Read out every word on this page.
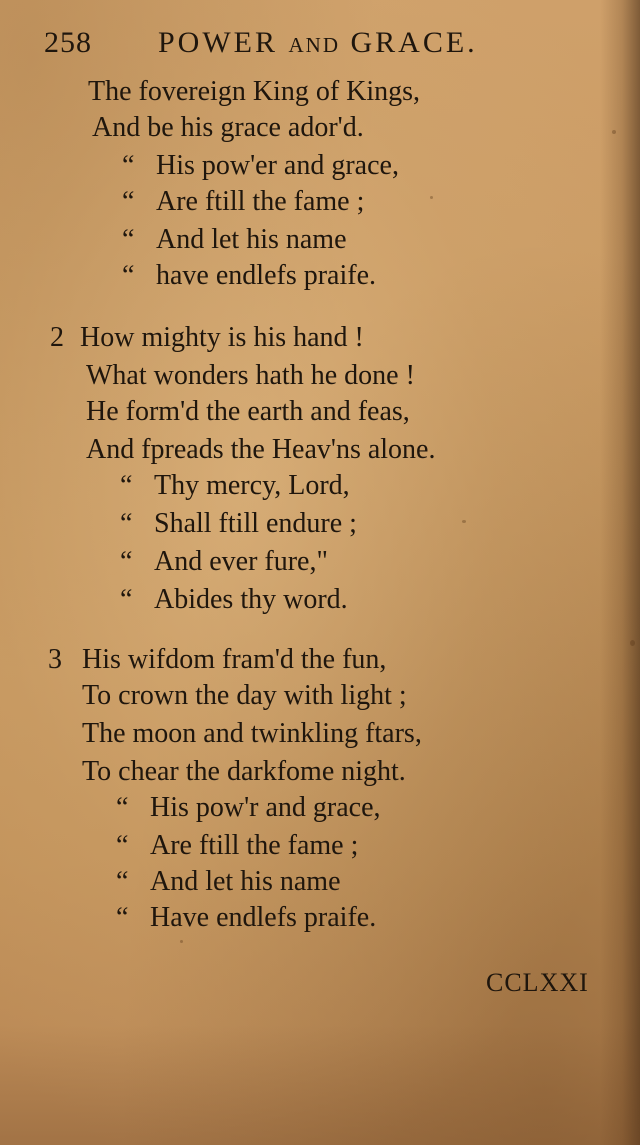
258 POWER AND GRACE.
The fovereign King of Kings,
And be his grace ador'd.
“ His pow'er and grace,
“ Are ftill the fame ;
“ And let his name
“ have endlefs praife.
2 How mighty is his hand !
What wonders hath he done !
He form'd the earth and feas,
And fpreads the Heav'ns alone.
“ Thy mercy, Lord,
“ Shall ftill endure ;
“ And ever fure,"
“ Abides thy word.
3 His wifdom fram'd the fun,
To crown the day with light ;
The moon and twinkling ftars,
To chear the darkfome night.
“ His pow'r and grace,
“ Are ftill the fame ;
“ And let his name
“ Have endlefs praife.
CCLXXI
